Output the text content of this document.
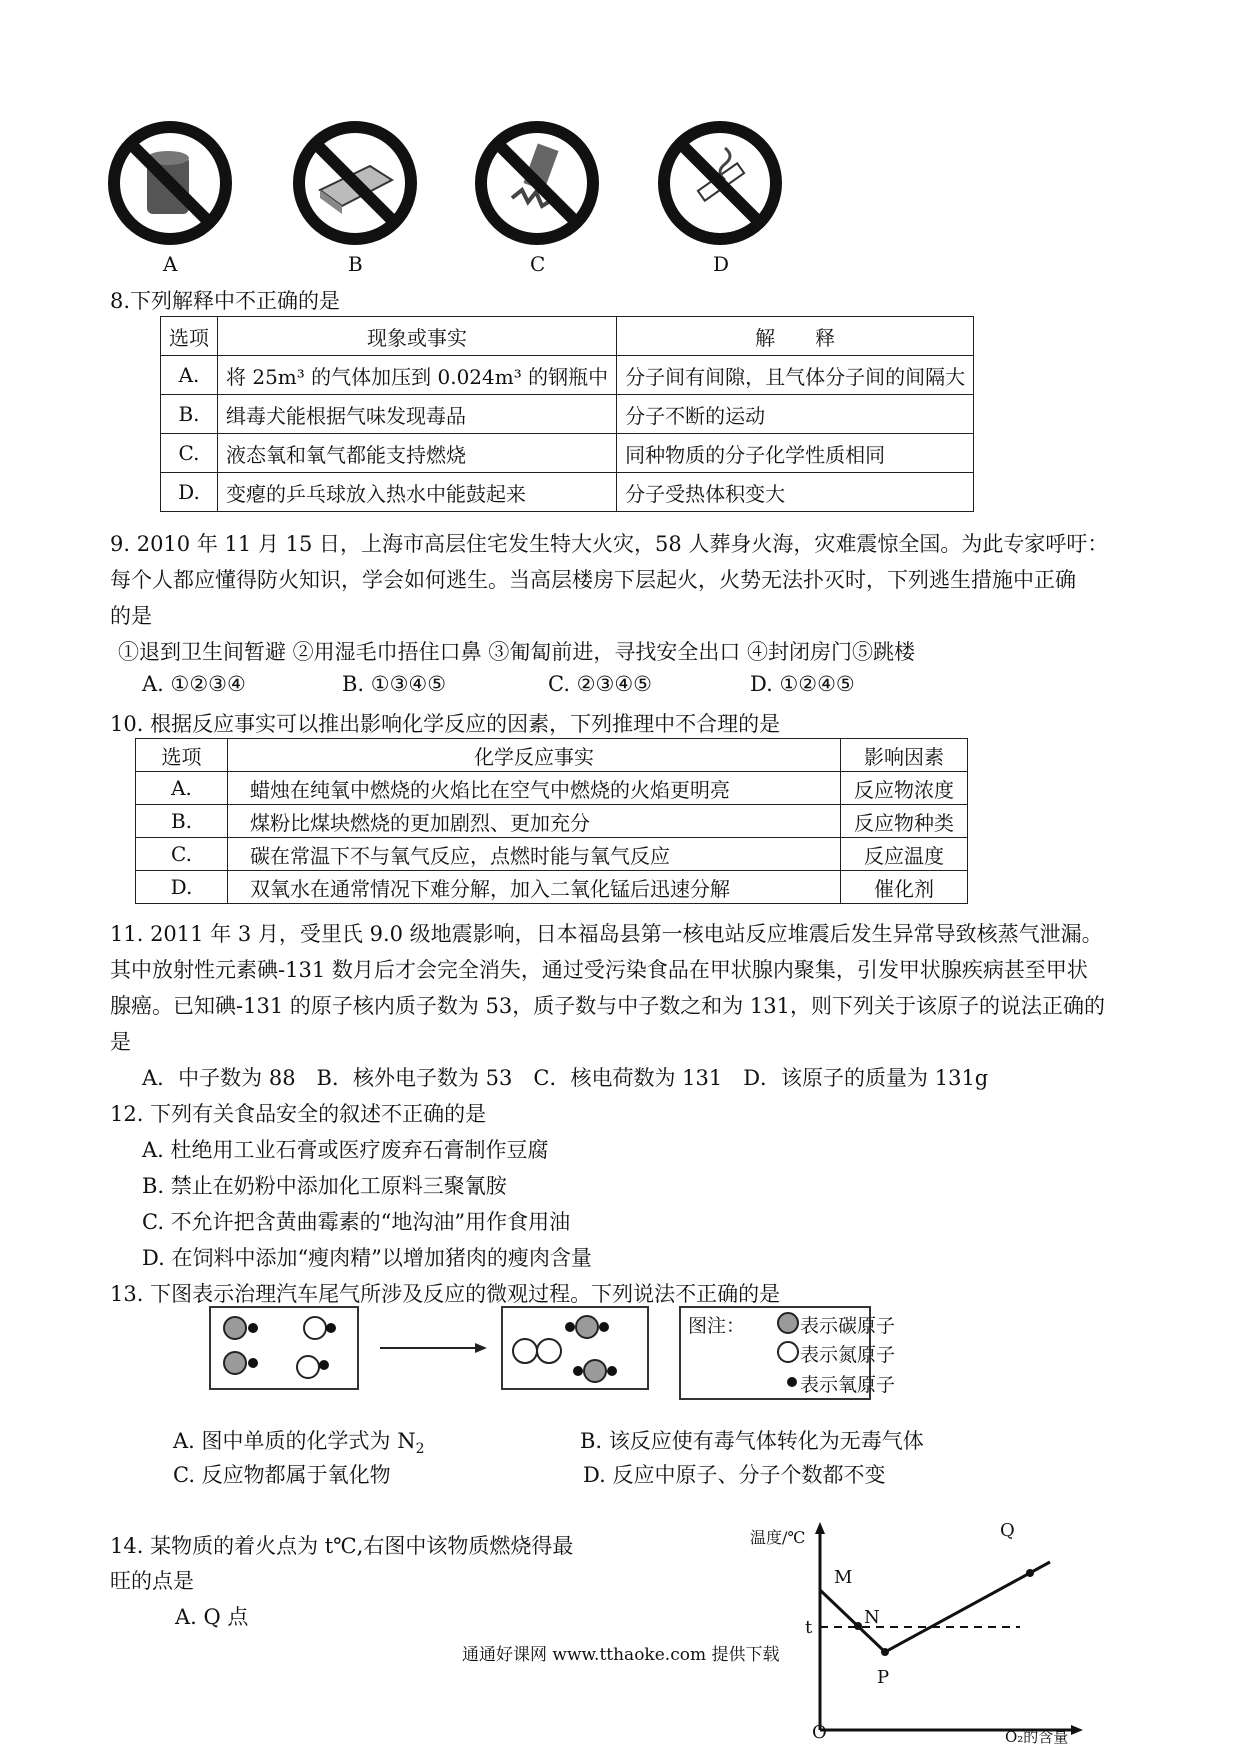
A	B	C	D
8.下列解释中不正确的是
选项	现象或事实	解　　释
A.	将 25m³ 的气体加压到 0.024m³ 的钢瓶中	分子间有间隙，且气体分子间的间隔大
B.	缉毒犬能根据气味发现毒品	分子不断的运动
C.	液态氧和氧气都能支持燃烧	同种物质的分子化学性质相同
D.	变瘪的乒乓球放入热水中能鼓起来	分子受热体积变大
9. 2010 年 11 月 15 日，上海市高层住宅发生特大火灾，58 人葬身火海，灾难震惊全国。为此专家呼吁：
每个人都应懂得防火知识，学会如何逃生。当高层楼房下层起火，火势无法扑灭时，下列逃生措施中正确
的是
①退到卫生间暂避 ②用湿毛巾捂住口鼻 ③匍匐前进，寻找安全出口 ④封闭房门⑤跳楼
A. ①②③④	B. ①③④⑤	C. ②③④⑤	D. ①②④⑤
10. 根据反应事实可以推出影响化学反应的因素，下列推理中不合理的是
选项	化学反应事实	影响因素
A.	蜡烛在纯氧中燃烧的火焰比在空气中燃烧的火焰更明亮	反应物浓度
B.	煤粉比煤块燃烧的更加剧烈、更加充分	反应物种类
C.	碳在常温下不与氧气反应，点燃时能与氧气反应	反应温度
D.	双氧水在通常情况下难分解，加入二氧化锰后迅速分解	催化剂
11. 2011 年 3 月，受里氏 9.0 级地震影响，日本福岛县第一核电站反应堆震后发生异常导致核蒸气泄漏。
其中放射性元素碘-131 数月后才会完全消失，通过受污染食品在甲状腺内聚集，引发甲状腺疾病甚至甲状
腺癌。已知碘-131 的原子核内质子数为 53，质子数与中子数之和为 131，则下列关于该原子的说法正确的
是
A．中子数为 88　B．核外电子数为 53　C．核电荷数为 131　D．该原子的质量为 131g
12. 下列有关食品安全的叙述不正确的是
A. 杜绝用工业石膏或医疗废弃石膏制作豆腐
B. 禁止在奶粉中添加化工原料三聚氰胺
C. 不允许把含黄曲霉素的“地沟油”用作食用油
D. 在饲料中添加“瘦肉精”以增加猪肉的瘦肉含量
13. 下图表示治理汽车尾气所涉及反应的微观过程。下列说法不正确的是
图注：	表示碳原子
表示氮原子
表示氧原子
A. 图中单质的化学式为 $N_2$	B. 该反应使有毒气体转化为无毒气体
C. 反应物都属于氧化物	D. 反应中原子、分子个数都不变
14. 某物质的着火点为 t℃,右图中该物质燃烧得最
旺的点是
A. Q 点
温度/℃	Q
M
N
t
P
O	O₂的含量
通通好课网 www.tthaoke.com 提供下载
